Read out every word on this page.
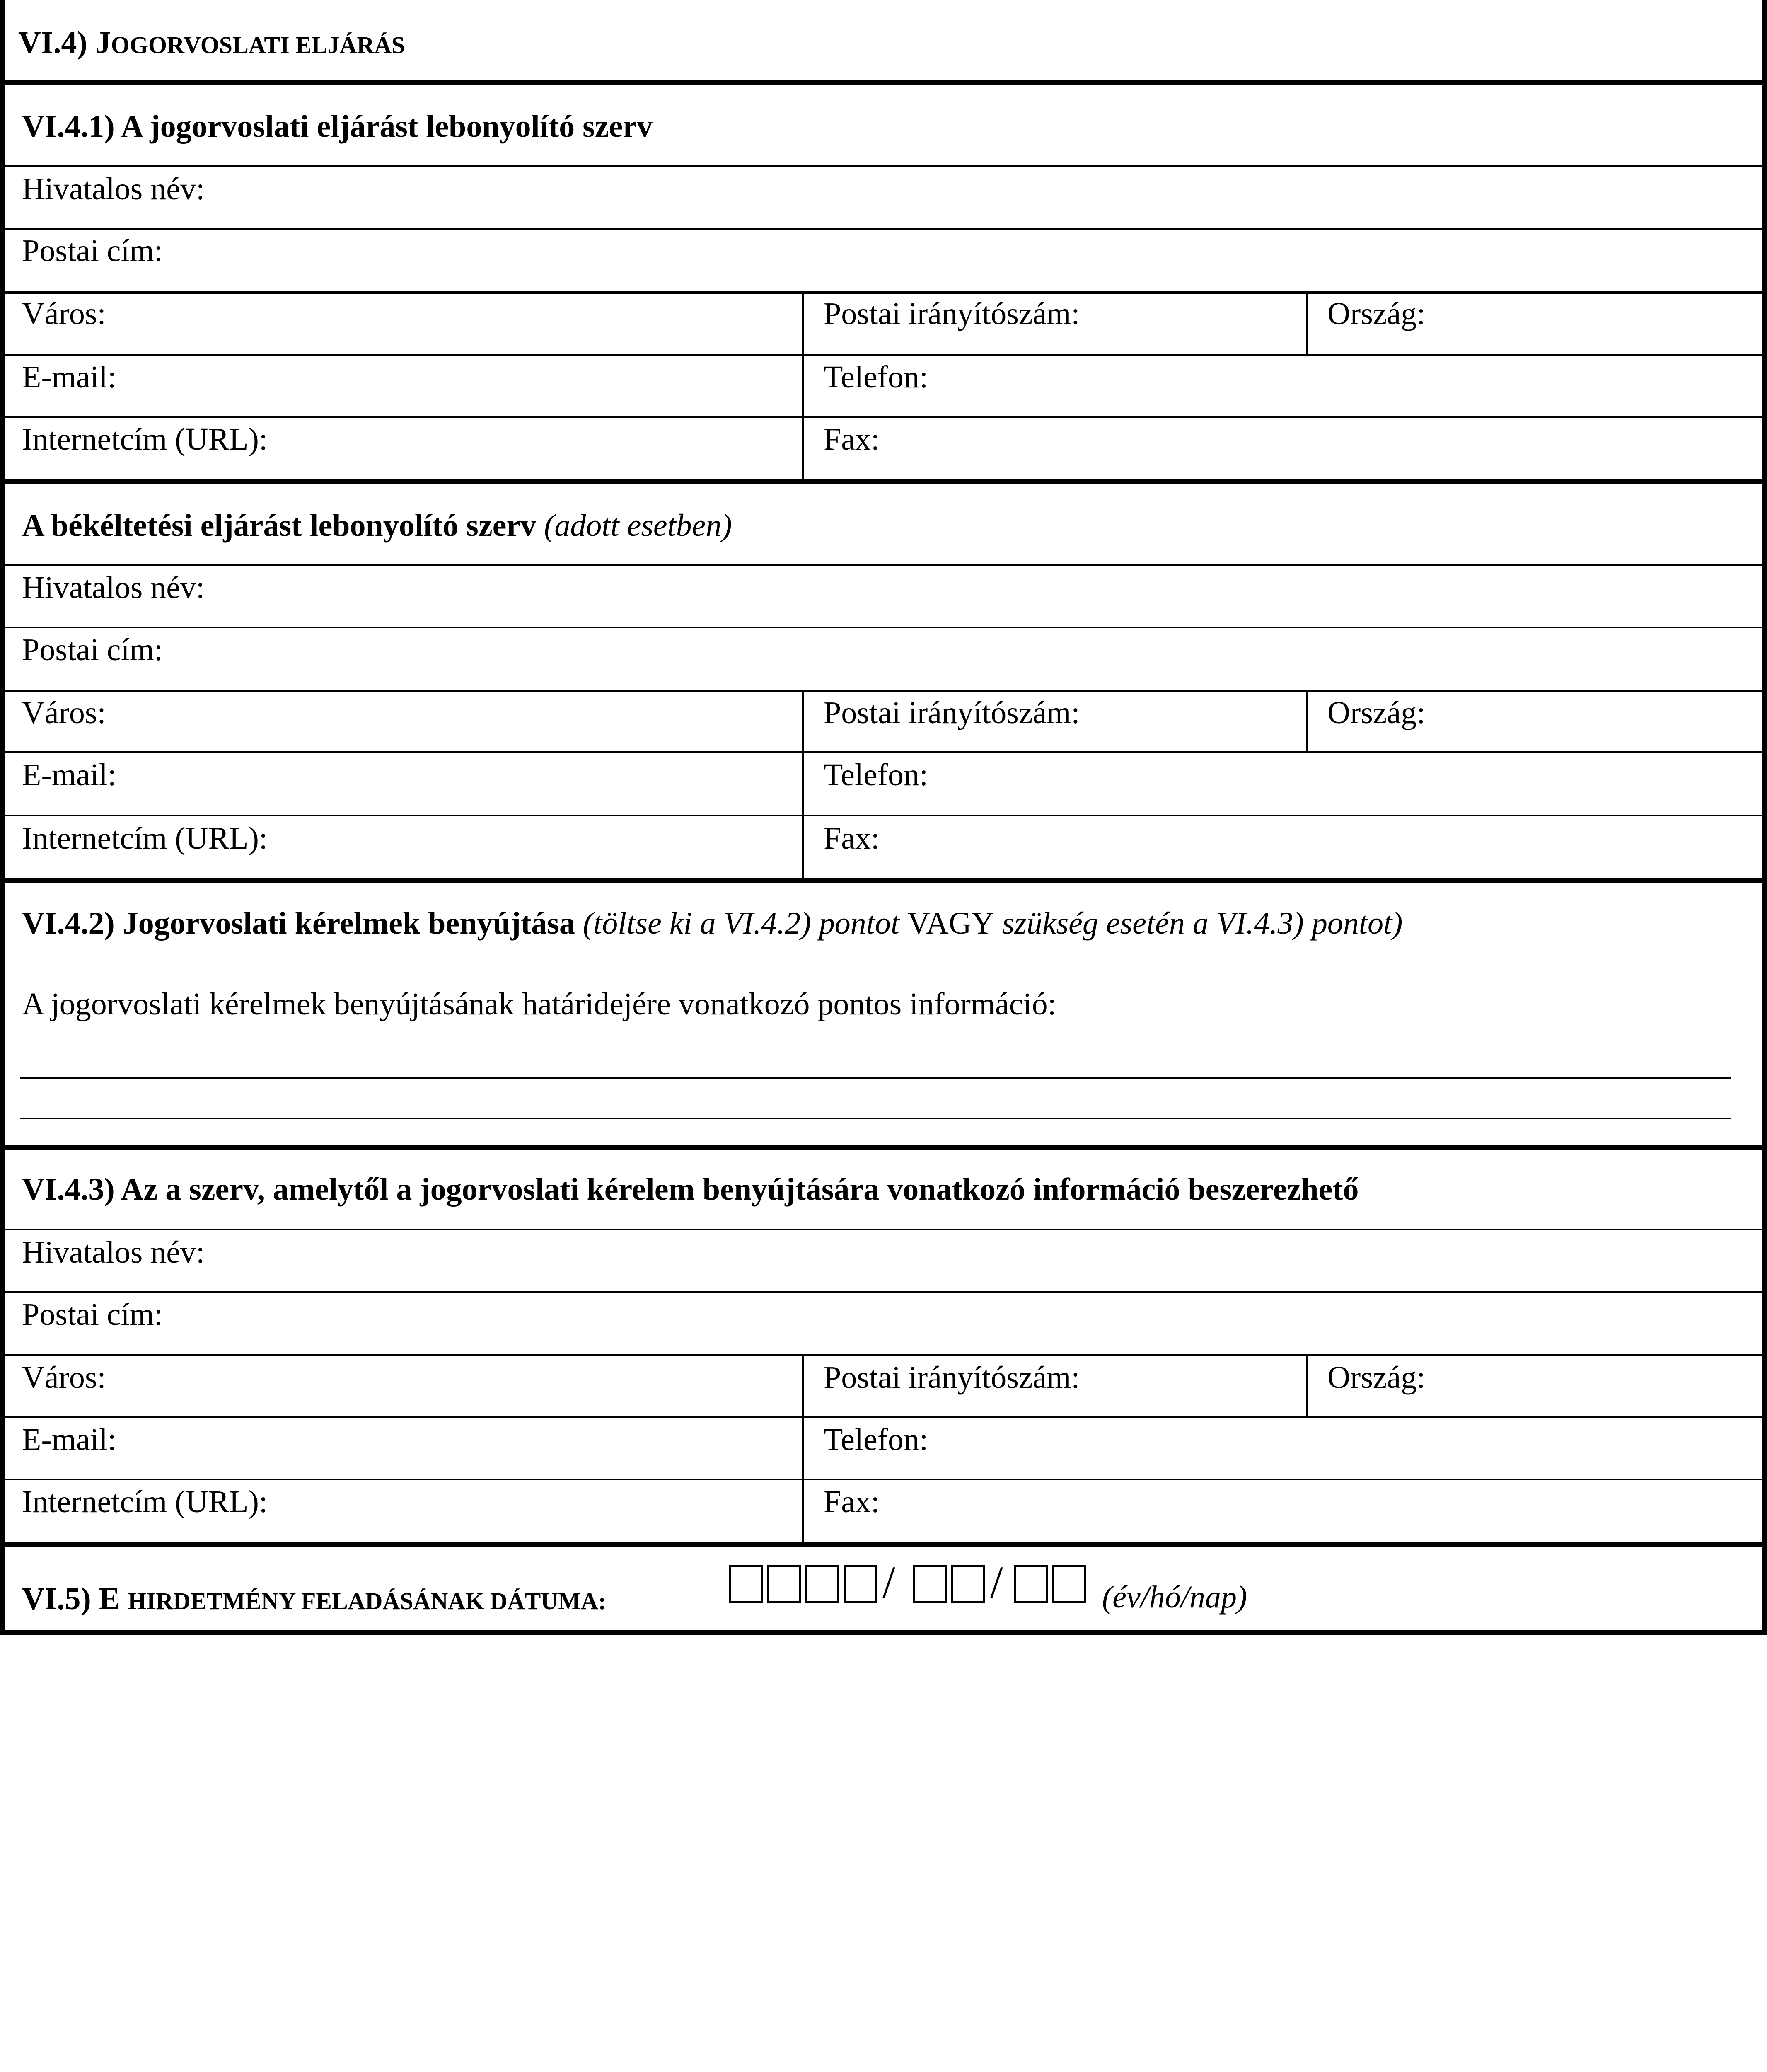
VI.4) JOGORVOSLATI ELJÁRÁS
VI.4.1) A jogorvoslati eljárást lebonyolító szerv
Hivatalos név:
Postai cím:
Város:	Postai irányítószám:	Ország:
E-mail:	Telefon:
Internetcím (URL):	Fax:
A békéltetési eljárást lebonyolító szerv (adott esetben)
Hivatalos név:
Postai cím:
Város:	Postai irányítószám:	Ország:
E-mail:	Telefon:
Internetcím (URL):	Fax:
VI.4.2) Jogorvoslati kérelmek benyújtása (töltse ki a VI.4.2) pontot VAGY szükség esetén a VI.4.3) pontot)
A jogorvoslati kérelmek benyújtásának határidejére vonatkozó pontos információ:
VI.4.3) Az a szerv, amelytől a jogorvoslati kérelem benyújtására vonatkozó információ beszerezhető
Hivatalos név:
Postai cím:
Város:	Postai irányítószám:	Ország:
E-mail:	Telefon:
Internetcím (URL):	Fax:
VI.5) E HIRDETMÉNY FELADÁSÁNAK DÁTUMA:	/ /	(év/hó/nap)
